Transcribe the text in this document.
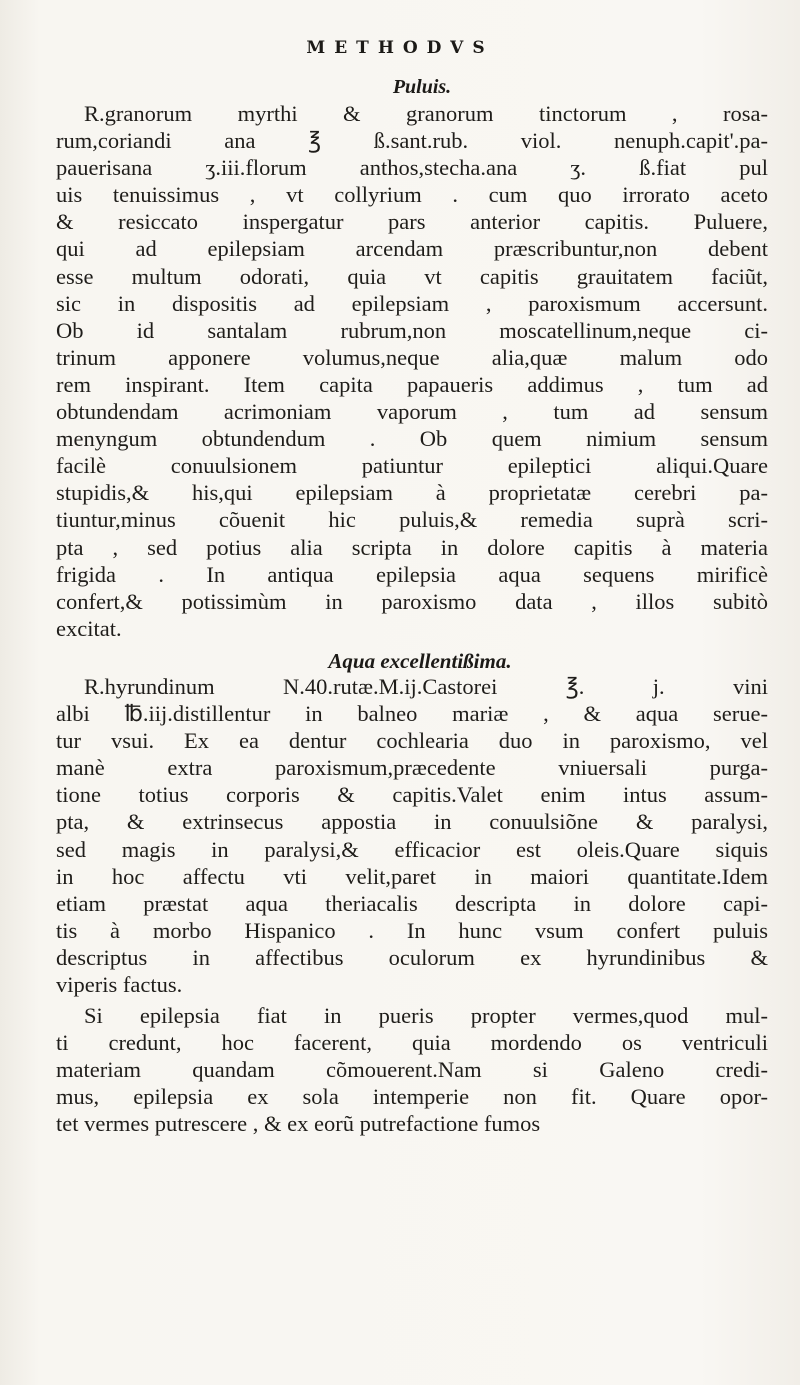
METHODVS
Puluis.
R.granorum myrthi & granorum tinctorum , rosa-
rum,coriandi ana ℥ ß.sant.rub. viol. nenuph.capit'.pa-
pauerisana ʒ.iii.florum anthos,stecha.ana ʒ. ß.fiat pul
uis tenuissimus , vt collyrium . cum quo irrorato aceto
& resiccato inspergatur pars anterior capitis. Puluere,
qui ad epilepsiam arcendam præscribuntur,non debent
esse multum odorati, quia vt capitis grauitatem faciũt,
sic in dispositis ad epilepsiam , paroxismum accersunt.
Ob id santalam rubrum,non moscatellinum,neque ci-
trinum apponere volumus,neque alia,quæ malum odo
rem inspirant. Item capita papaueris addimus , tum ad
obtundendam acrimoniam vaporum , tum ad sensum
menyngum obtundendum . Ob quem nimium sensum
facilè conuulsionem patiuntur epileptici aliqui.Quare
stupidis,& his,qui epilepsiam à proprietatæ cerebri pa-
tiuntur,minus cõuenit hic puluis,& remedia suprà scri-
pta , sed potius alia scripta in dolore capitis à materia
frigida . In antiqua epilepsia aqua sequens mirificè
confert,& potissimùm in paroxismo data , illos subitò
excitat.
Aqua excellentißima.
R.hyrundinum N.40.rutæ.M.ij.Castorei ℥. j. vini
albi ℔.iij.distillentur in balneo mariæ , & aqua serue-
tur vsui. Ex ea dentur cochlearia duo in paroxismo, vel
manè extra paroxismum,præcedente vniuersali purga-
tione totius corporis & capitis.Valet enim intus assum-
pta, & extrinsecus appostia in conuulsiõne & paralysi,
sed magis in paralysi,& efficacior est oleis.Quare siquis
in hoc affectu vti velit,paret in maiori quantitate.Idem
etiam præstat aqua theriacalis descripta in dolore capi-
tis à morbo Hispanico . In hunc vsum confert puluis
descriptus in affectibus oculorum ex hyrundinibus &
viperis factus.
Si epilepsia fiat in pueris propter vermes,quod mul-
ti credunt, hoc facerent, quia mordendo os ventriculi
materiam quandam cõmouerent.Nam si Galeno credi-
mus, epilepsia ex sola intemperie non fit. Quare opor-
tet vermes putrescere , & ex eorũ putrefactione fumos
